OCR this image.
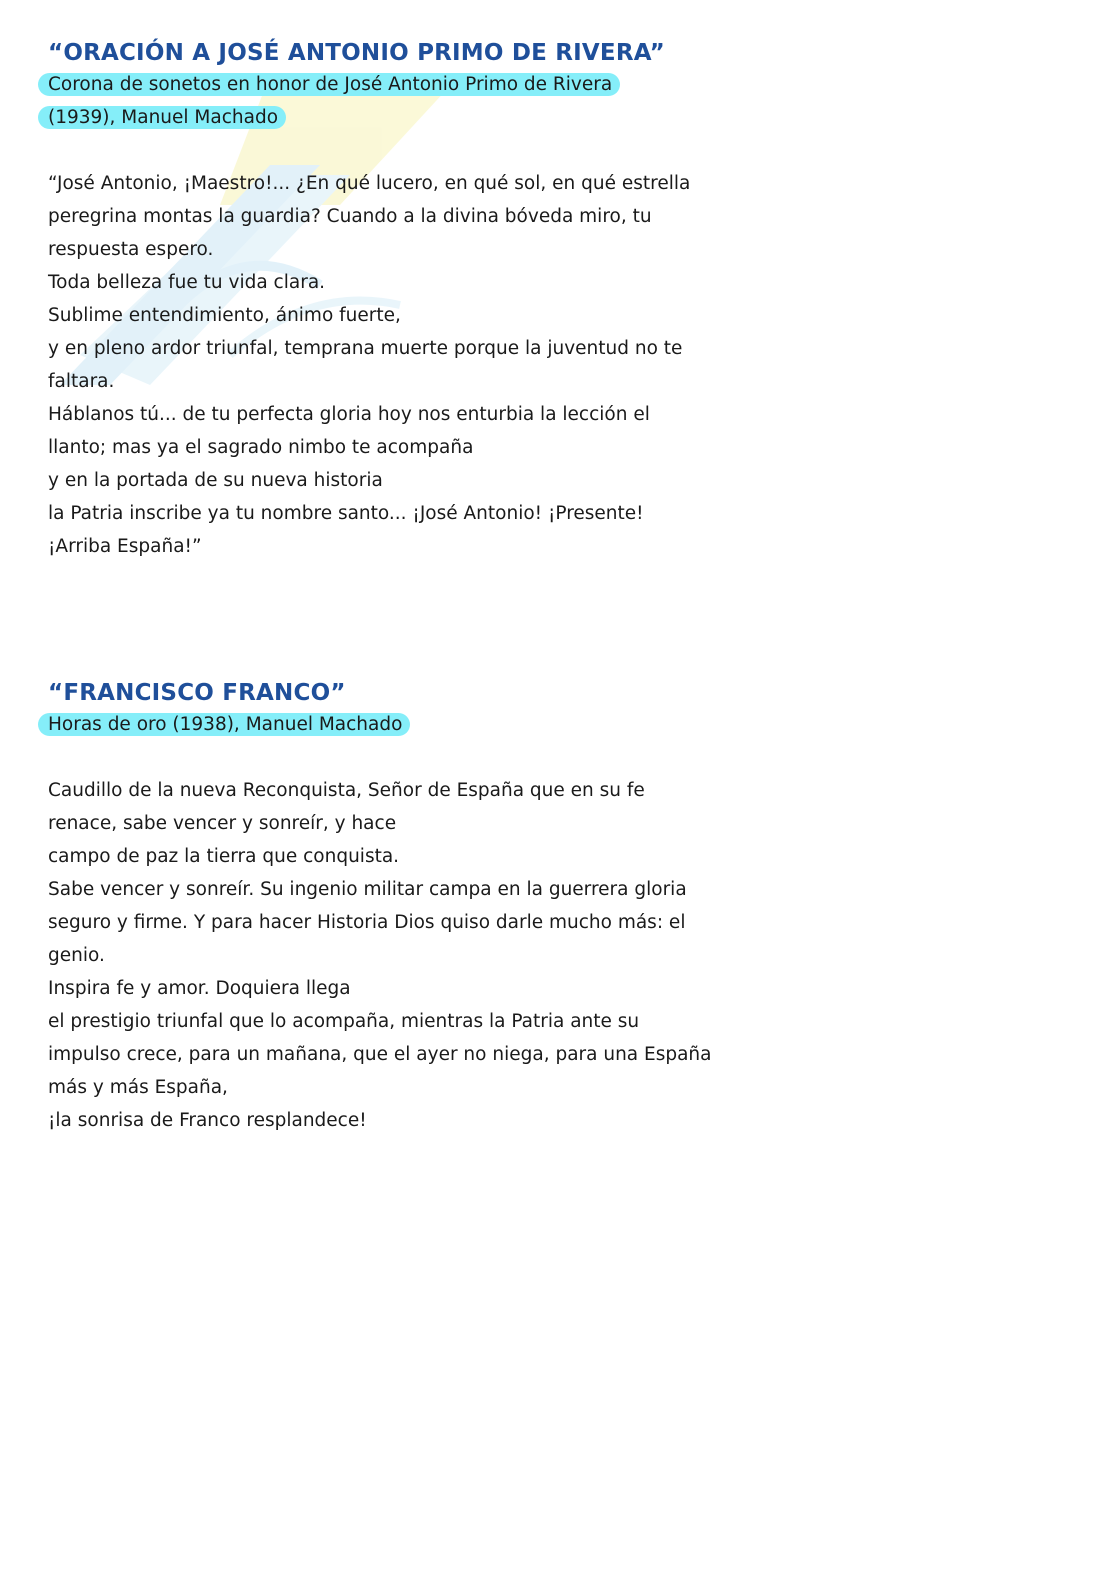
“ORACIÓN A JOSÉ ANTONIO PRIMO DE RIVERA”

Corona de sonetos en honor de José Antonio Primo de Rivera

(1939), Manuel Machado

“José Antonio, ¡Maestro!... ¿En qué lucero, en qué sol, en qué estrella

peregrina montas la guardia? Cuando a la divina bóveda miro, tu

respuesta espero.

Toda belleza fue tu vida clara.

Sublime entendimiento, ánimo fuerte,

y en pleno ardor triunfal, temprana muerte porque la juventud no te

faltara.

Háblanos tú... de tu perfecta gloria hoy nos enturbia la lección el

llanto; mas ya el sagrado nimbo te acompaña

y en la portada de su nueva historia

la Patria inscribe ya tu nombre santo... ¡José Antonio! ¡Presente!

¡Arriba España!”

“FRANCISCO FRANCO”

Horas de oro (1938), Manuel Machado

Caudillo de la nueva Reconquista, Señor de España que en su fe

renace, sabe vencer y sonreír, y hace

campo de paz la tierra que conquista.

Sabe vencer y sonreír. Su ingenio militar campa en la guerrera gloria

seguro y firme. Y para hacer Historia Dios quiso darle mucho más: el

genio.

Inspira fe y amor. Doquiera llega

el prestigio triunfal que lo acompaña, mientras la Patria ante su

impulso crece, para un mañana, que el ayer no niega, para una España

más y más España,

¡la sonrisa de Franco resplandece!
